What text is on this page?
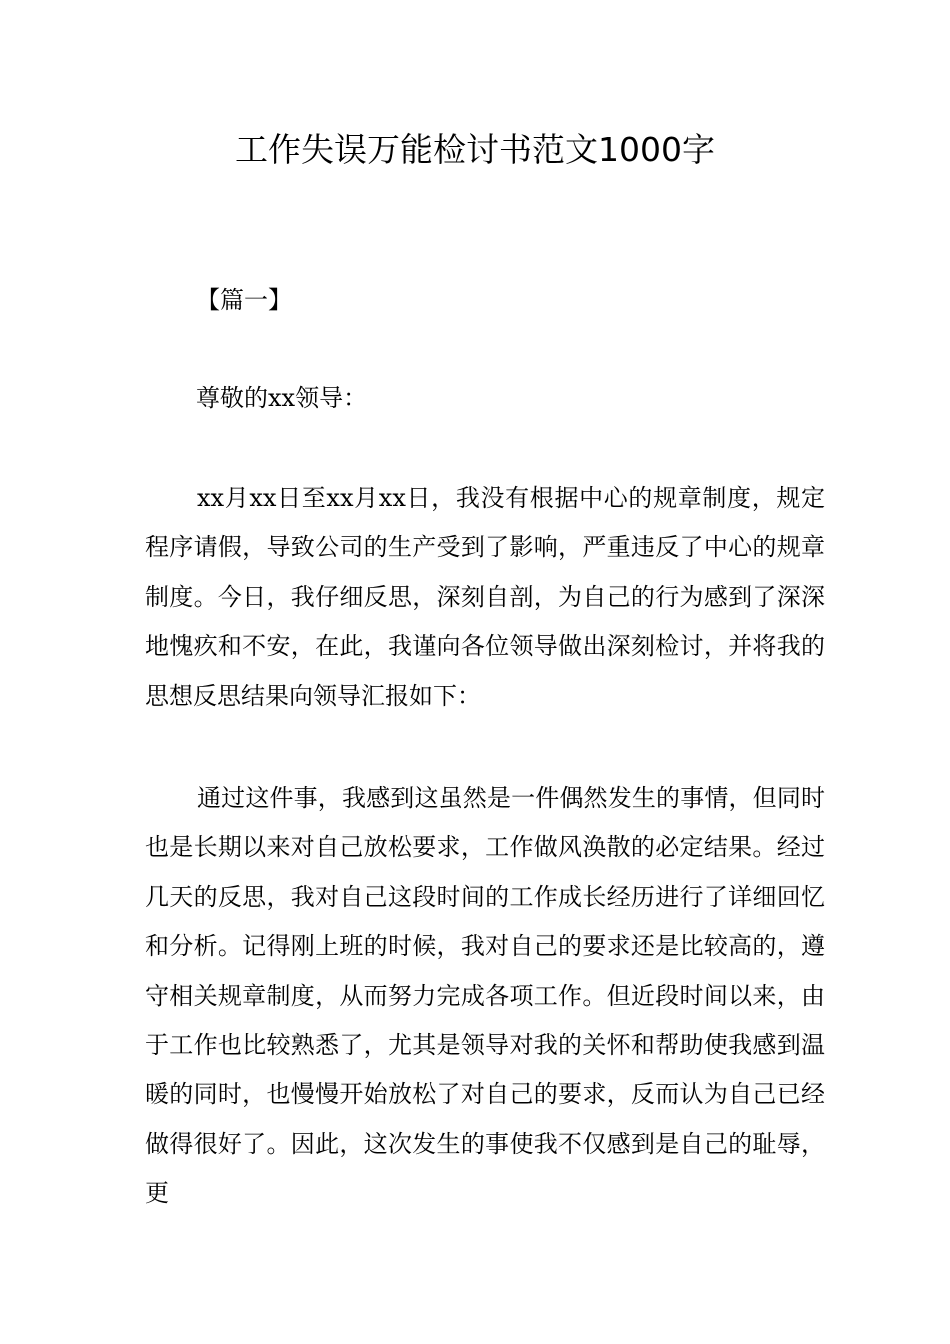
工作失误万能检讨书范文1000字

【篇一】

尊敬的xx领导：

xx月xx日至xx月xx日，我没有根据中心的规章制度，规定程序请假，导致公司的生产受到了影响，严重违反了中心的规章制度。今日，我仔细反思，深刻自剖，为自己的行为感到了深深地愧疚和不安，在此，我谨向各位领导做出深刻检讨，并将我的思想反思结果向领导汇报如下：

通过这件事，我感到这虽然是一件偶然发生的事情，但同时也是长期以来对自己放松要求，工作做风涣散的必定结果。经过几天的反思，我对自己这段时间的工作成长经历进行了详细回忆和分析。记得刚上班的时候，我对自己的要求还是比较高的，遵守相关规章制度，从而努力完成各项工作。但近段时间以来，由于工作也比较熟悉了，尤其是领导对我的关怀和帮助使我感到温暖的同时，也慢慢开始放松了对自己的要求，反而认为自己已经做得很好了。因此，这次发生的事使我不仅感到是自己的耻辱，更
